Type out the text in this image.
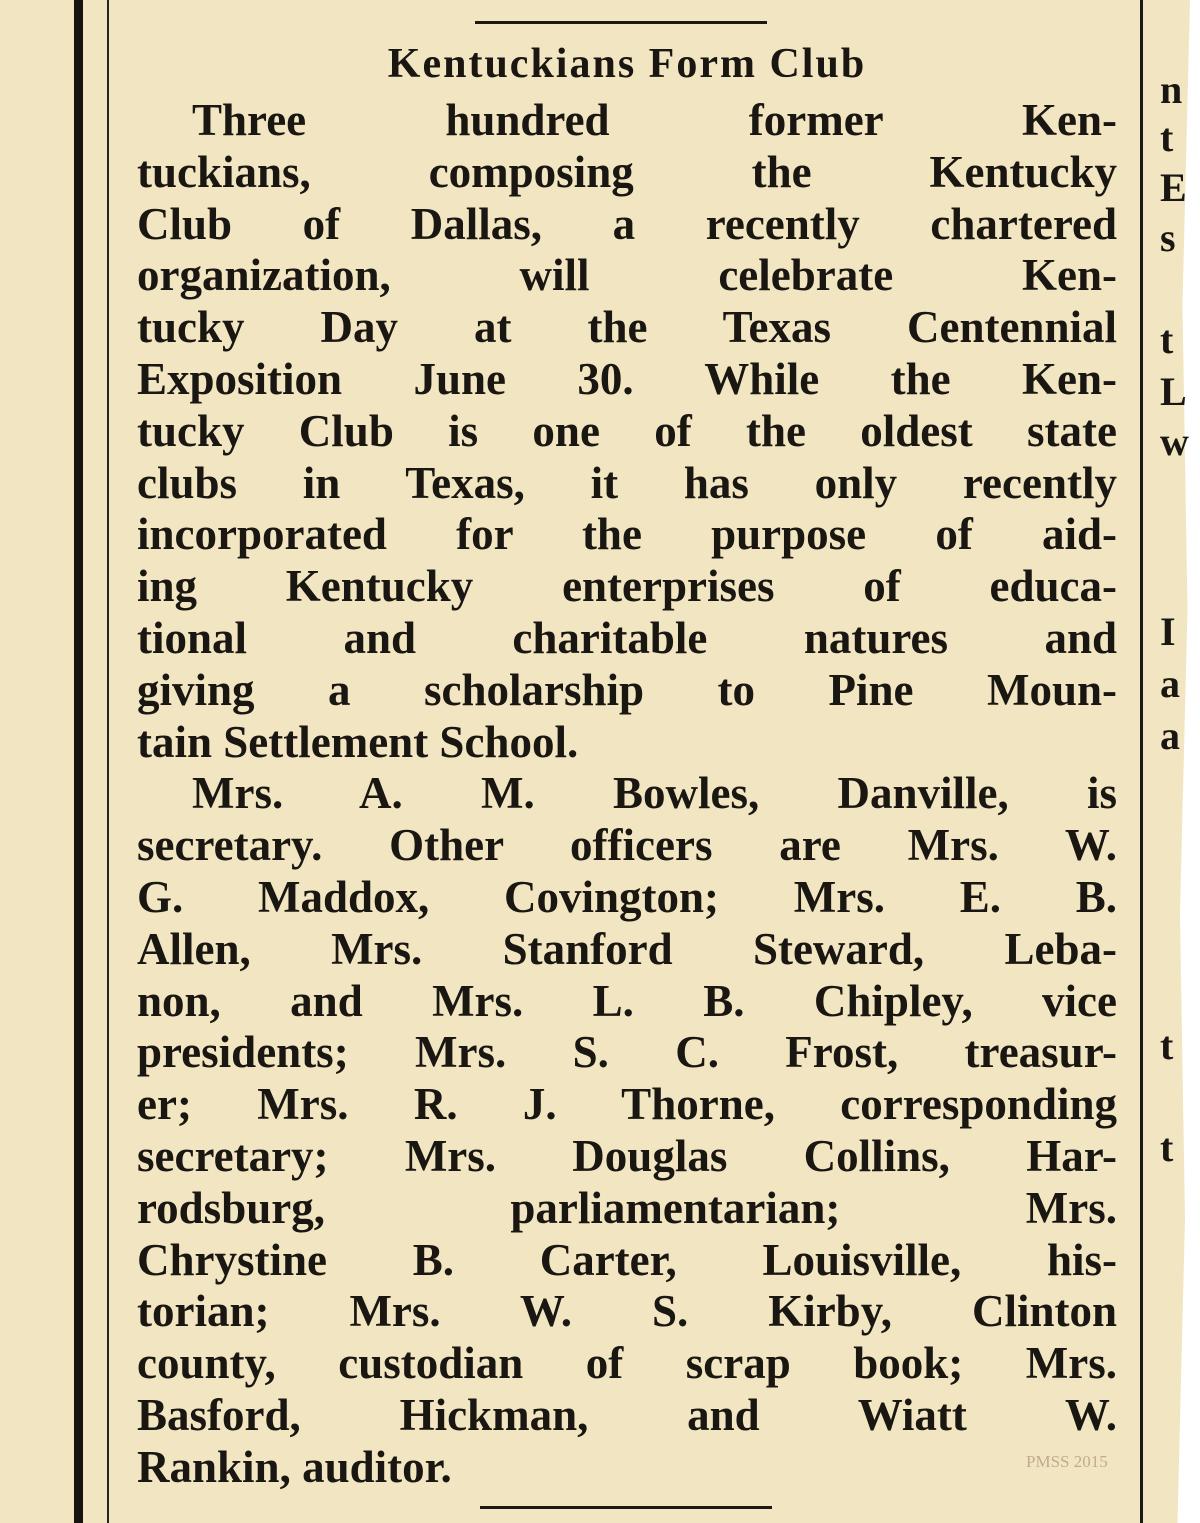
Kentuckians Form Club
Three hundred former Ken-
tuckians, composing the Kentucky
Club of Dallas, a recently chartered
organization, will celebrate Ken-
tucky Day at the Texas Centennial
Exposition June 30. While the Ken-
tucky Club is one of the oldest state
clubs in Texas, it has only recently
incorporated for the purpose of aid-
ing Kentucky enterprises of educa-
tional and charitable natures and
giving a scholarship to Pine Moun-
tain Settlement School.
Mrs. A. M. Bowles, Danville, is
secretary. Other officers are Mrs. W.
G. Maddox, Covington; Mrs. E. B.
Allen, Mrs. Stanford Steward, Leba-
non, and Mrs. L. B. Chipley, vice
presidents; Mrs. S. C. Frost, treasur-
er; Mrs. R. J. Thorne, corresponding
secretary; Mrs. Douglas Collins, Har-
rodsburg, parliamentarian; Mrs.
Chrystine B. Carter, Louisville, his-
torian; Mrs. W. S. Kirby, Clinton
county, custodian of scrap book; Mrs.
Basford, Hickman, and Wiatt W.
Rankin, auditor.
n
t
E
s
t
L
w
I
a
a
t
t
PMSS 2015
